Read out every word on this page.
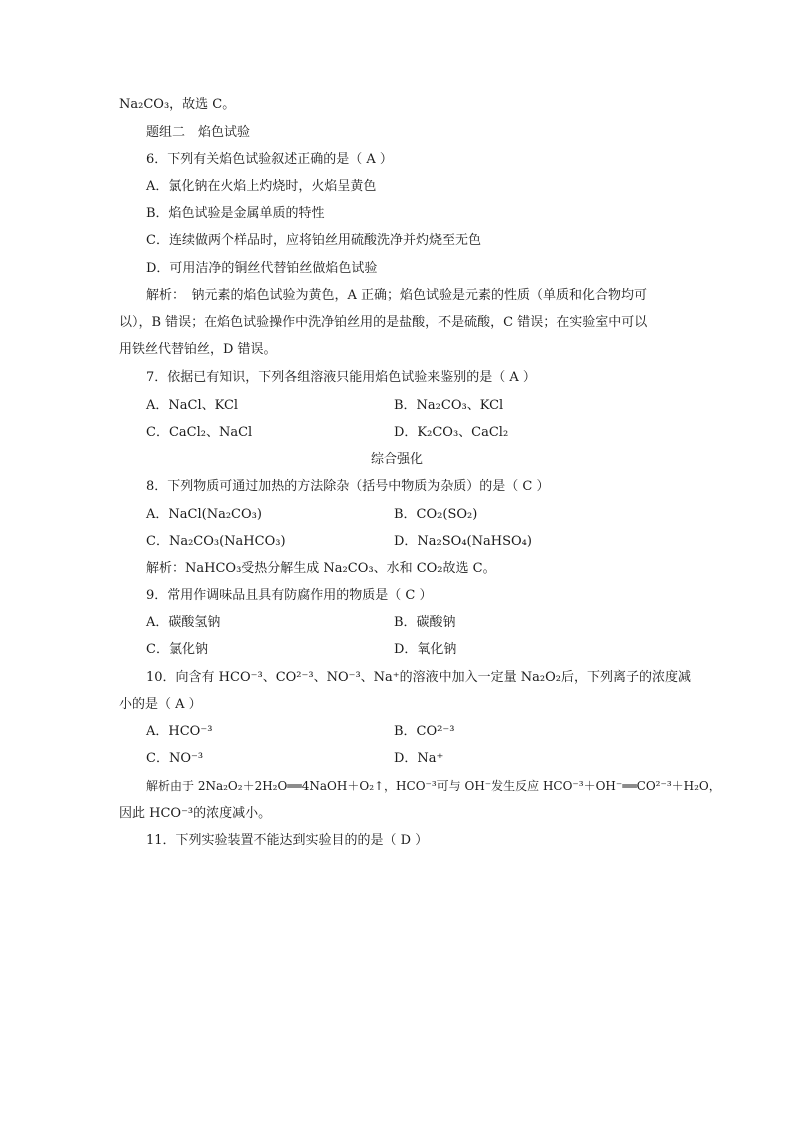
Na₂CO₃，故选 C。
题组二　焰色试验
6．下列有关焰色试验叙述正确的是（ A ）
A．氯化钠在火焰上灼烧时，火焰呈黄色
B．焰色试验是金属单质的特性
C．连续做两个样品时，应将铂丝用硫酸洗净并灼烧至无色
D．可用洁净的铜丝代替铂丝做焰色试验
解析：　钠元素的焰色试验为黄色，A 正确；焰色试验是元素的性质（单质和化合物均可
以），B 错误；在焰色试验操作中洗净铂丝用的是盐酸，不是硫酸，C 错误；在实验室中可以
用铁丝代替铂丝，D 错误。
7．依据已有知识，下列各组溶液只能用焰色试验来鉴别的是（ A ）
A．NaCl、KCl	B．Na₂CO₃、KCl
C．CaCl₂、NaCl	D．K₂CO₃、CaCl₂
综合强化
8．下列物质可通过加热的方法除杂（括号中物质为杂质）的是（ C ）
A．NaCl(Na₂CO₃)	B．CO₂(SO₂)
C．Na₂CO₃(NaHCO₃)	D．Na₂SO₄(NaHSO₄)
解析：NaHCO₃受热分解生成 Na₂CO₃、水和 CO₂故选 C。
9．常用作调味品且具有防腐作用的物质是（ C ）
A．碳酸氢钠	B．碳酸钠
C．氯化钠	D．氧化钠
10．向含有 HCO⁻³、CO²⁻³、NO⁻³、Na⁺的溶液中加入一定量 Na₂O₂后，下列离子的浓度减
小的是（ A ）
A．HCO⁻³	B．CO²⁻³
C．NO⁻³	D．Na⁺
解析由于 2Na₂O₂＋2H₂O══4NaOH＋O₂↑，HCO⁻³可与 OH⁻发生反应 HCO⁻³＋OH⁻══CO²⁻³＋H₂O，
因此 HCO⁻³的浓度减小。
11．下列实验装置不能达到实验目的的是（ D ）
